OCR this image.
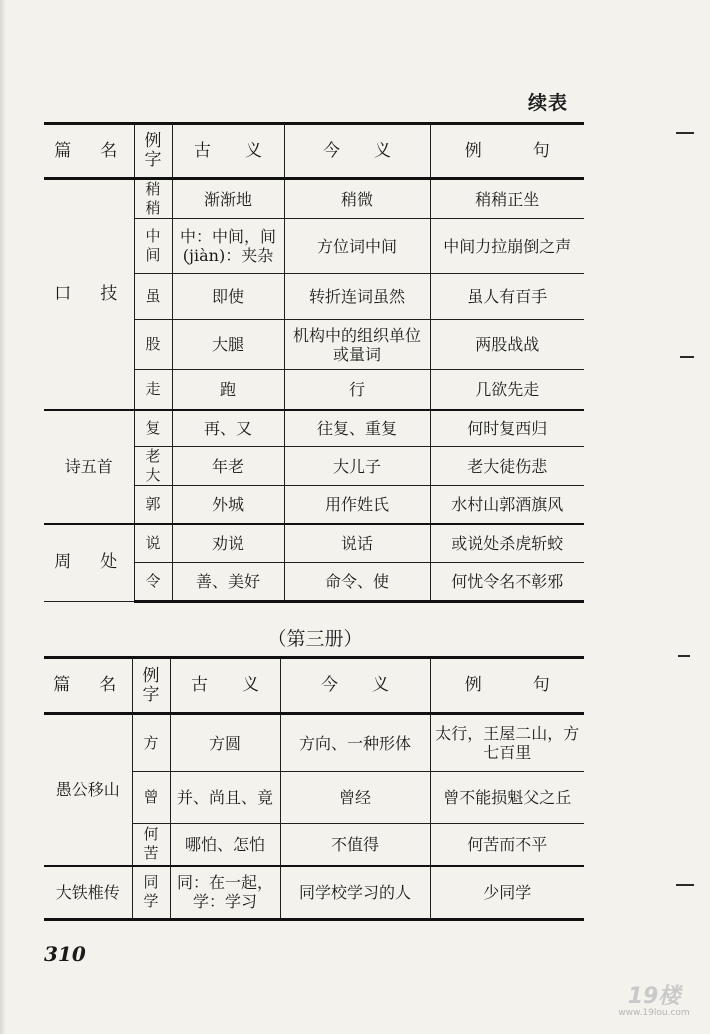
续表
篇　名	例字	古　　义	今　　义	例　　　句
口　技	稍稍	渐渐地	稍微	稍稍正坐
	中间	中：中间，间(jiàn)：夹杂	方位词中间	中间力拉崩倒之声
	虽	即使	转折连词虽然	虽人有百手
	股	大腿	机构中的组织单位或量词	两股战战
	走	跑	行	几欲先走
诗五首	复	再、又	往复、重复	何时复西归
	老大	年老	大儿子	老大徒伤悲
	郭	外城	用作姓氏	水村山郭酒旗风
周　处	说	劝说	说话	或说处杀虎斩蛟
	令	善、美好	命令、使	何忧令名不彰邪
（第三册）
篇　名	例字	古　　义	今　　义	例　　　句
愚公移山	方	方圆	方向、一种形体	太行，王屋二山，方七百里
	曾	并、尚且、竟	曾经	曾不能损魁父之丘
	何苦	哪怕、怎怕	不值得	何苦而不平
大铁椎传	同学	同：在一起，学：学习	同学校学习的人	少同学
310
19楼
www.19lou.com
